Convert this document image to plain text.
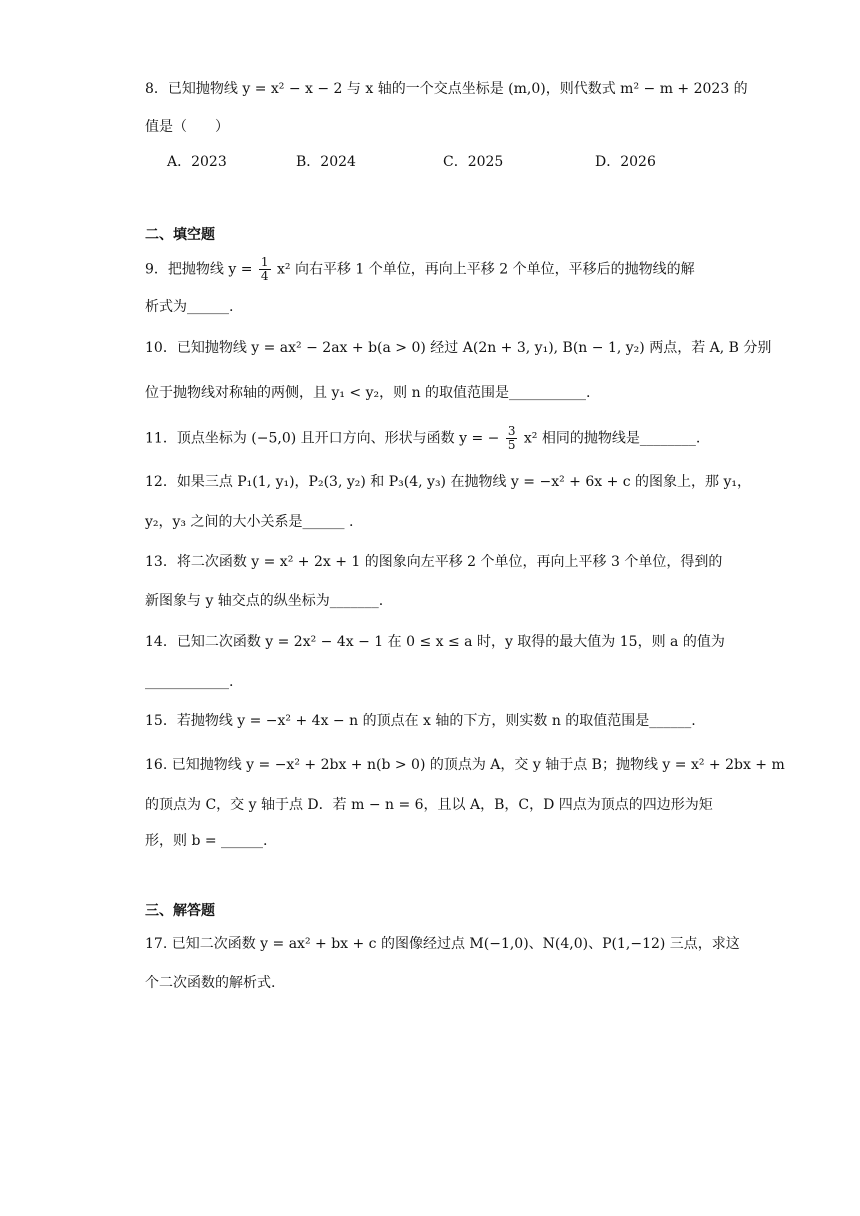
8．已知抛物线 y = x² − x − 2 与 x 轴的一个交点坐标是 (m,0)，则代数式 m² − m + 2023 的
值是（　　）
A．2023	B．2024	C．2025	D．2026
二、填空题
9．把抛物线 $y = \frac{1}{4} x^2$ 向右平移 1 个单位，再向上平移 2 个单位，平移后的抛物线的解
析式为______.
10．已知抛物线 y = ax² − 2ax + b(a > 0) 经过 A(2n + 3, y₁), B(n − 1, y₂) 两点，若 A, B 分别
位于抛物线对称轴的两侧，且 y₁ < y₂，则 n 的取值范围是___________.
11．顶点坐标为 (−5,0) 且开口方向、形状与函数 y = − $\frac{3}{5} x^2$ 相同的抛物线是________.
12．如果三点 P₁(1, y₁)，P₂(3, y₂) 和 P₃(4, y₃) 在抛物线 y = −x² + 6x + c 的图象上，那 y₁，
y₂，y₃ 之间的大小关系是______ .
13．将二次函数 y = x² + 2x + 1 的图象向左平移 2 个单位，再向上平移 3 个单位，得到的
新图象与 y 轴交点的纵坐标为_______.
14．已知二次函数 y = 2x² − 4x − 1 在 0 ≤ x ≤ a 时，y 取得的最大值为 15，则 a 的值为
____________.
15．若抛物线 y = −x² + 4x − n 的顶点在 x 轴的下方，则实数 n 的取值范围是______.
16. 已知抛物线 y = −x² + 2bx + n(b > 0) 的顶点为 A，交 y 轴于点 B；抛物线 y = x² + 2bx + m
的顶点为 C，交 y 轴于点 D．若 m − n = 6，且以 A，B，C，D 四点为顶点的四边形为矩
形，则 b = ______.
三、解答题
17. 已知二次函数 y = ax² + bx + c 的图像经过点 M(−1,0)、N(4,0)、P(1,−12) 三点，求这
个二次函数的解析式.
